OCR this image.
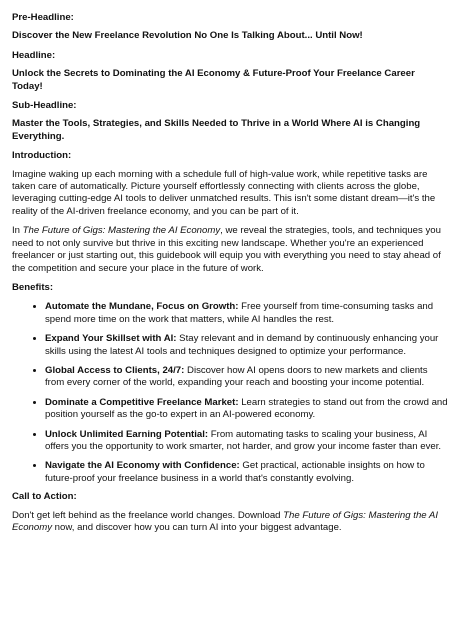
Pre-Headline:
Discover the New Freelance Revolution No One Is Talking About... Until Now!
Headline:
Unlock the Secrets to Dominating the AI Economy & Future-Proof Your Freelance Career Today!
Sub-Headline:
Master the Tools, Strategies, and Skills Needed to Thrive in a World Where AI is Changing Everything.
Introduction:
Imagine waking up each morning with a schedule full of high-value work, while repetitive tasks are taken care of automatically. Picture yourself effortlessly connecting with clients across the globe, leveraging cutting-edge AI tools to deliver unmatched results. This isn't some distant dream—it's the reality of the AI-driven freelance economy, and you can be part of it.
In The Future of Gigs: Mastering the AI Economy, we reveal the strategies, tools, and techniques you need to not only survive but thrive in this exciting new landscape. Whether you're an experienced freelancer or just starting out, this guidebook will equip you with everything you need to stay ahead of the competition and secure your place in the future of work.
Benefits:
• Automate the Mundane, Focus on Growth: Free yourself from time-consuming tasks and spend more time on the work that matters, while AI handles the rest.
• Expand Your Skillset with AI: Stay relevant and in demand by continuously enhancing your skills using the latest AI tools and techniques designed to optimize your performance.
• Global Access to Clients, 24/7: Discover how AI opens doors to new markets and clients from every corner of the world, expanding your reach and boosting your income potential.
• Dominate a Competitive Freelance Market: Learn strategies to stand out from the crowd and position yourself as the go-to expert in an AI-powered economy.
• Unlock Unlimited Earning Potential: From automating tasks to scaling your business, AI offers you the opportunity to work smarter, not harder, and grow your income faster than ever.
• Navigate the AI Economy with Confidence: Get practical, actionable insights on how to future-proof your freelance business in a world that's constantly evolving.
Call to Action:
Don't get left behind as the freelance world changes. Download The Future of Gigs: Mastering the AI Economy now, and discover how you can turn AI into your biggest advantage.
